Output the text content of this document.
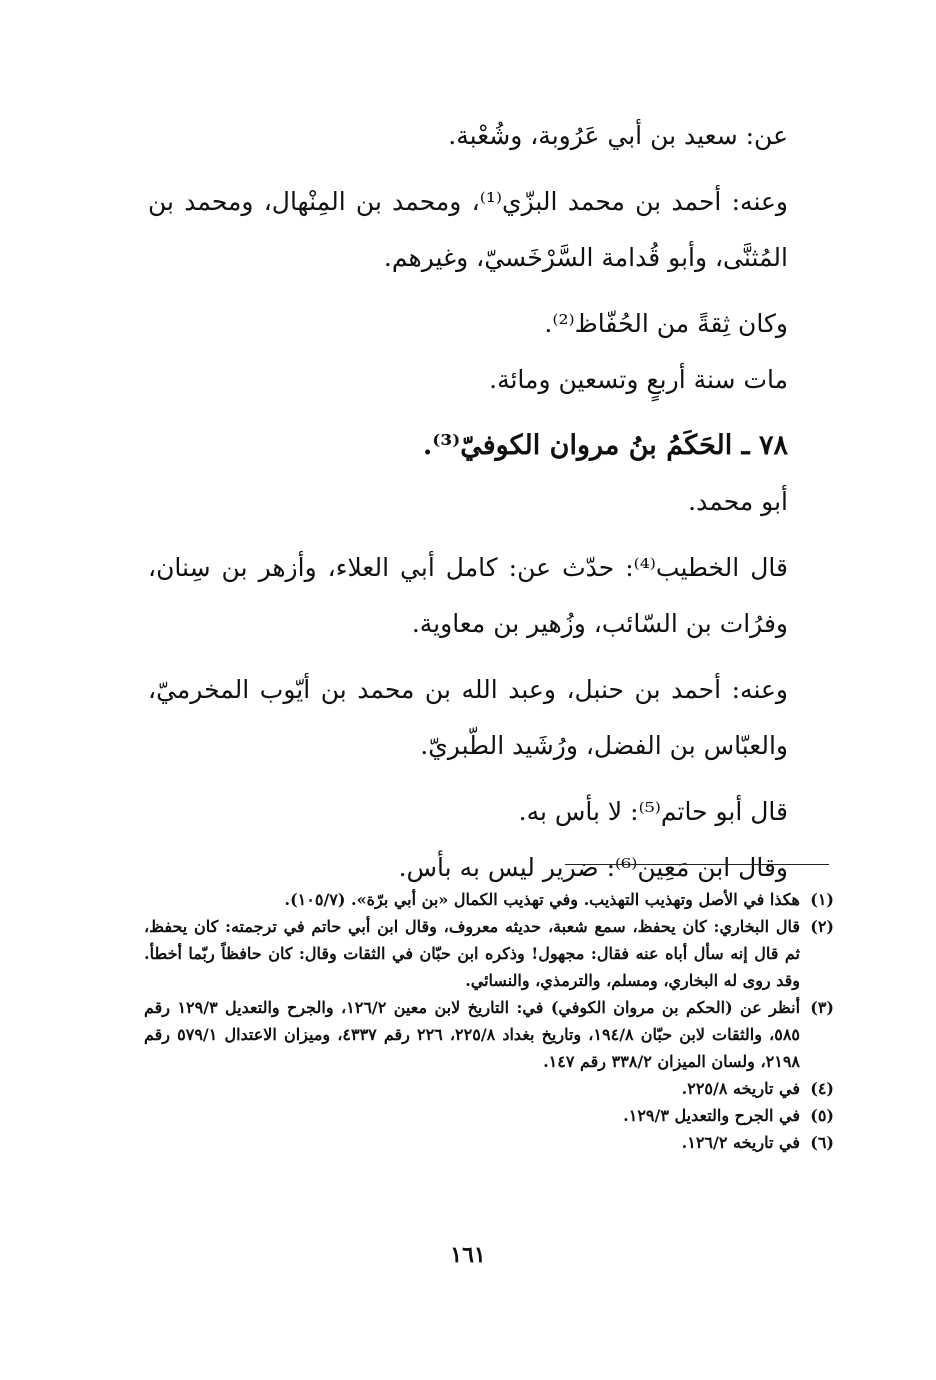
عن: سعيد بن أبي عَرُوبة، وشُعْبة.

وعنه: أحمد بن محمد البزّي⁽¹⁾، ومحمد بن المِنْهال، ومحمد بن المُثنَّى، وأبو قُدامة السَّرْخَسيّ، وغيرهم.

وكان ثِقةً من الحُفّاظ⁽²⁾.

مات سنة أربعٍ وتسعين ومائة.

٧٨ ـ الحَكَمُ بنُ مروان الكوفيّ⁽³⁾.

أبو محمد.

قال الخطيب⁽⁴⁾: حدّث عن: كامل أبي العلاء، وأزهر بن سِنان، وفرُات بن السّائب، وزُهير بن معاوية.

وعنه: أحمد بن حنبل، وعبد الله بن محمد بن أيّوب المخرميّ، والعبّاس بن الفضل، ورُشَيد الطّبريّ.

قال أبو حاتم⁽⁵⁾: لا بأس به.

وقال ابن مَعِين⁽⁶⁾: ضرير ليس به بأس.

(١)
هكذا في الأصل وتهذيب التهذيب. وفي تهذيب الكمال «بن أبي برّة». (١٠٥/٧).
(٢)
قال البخاري: كان يحفظ، سمع شعبة، حديثه معروف، وقال ابن أبي حاتم في ترجمته: كان يحفظ، ثم قال إنه سأل أباه عنه فقال: مجهول! وذكره ابن حبّان في الثقات وقال: كان حافظاً ربّما أخطأ. وقد روى له البخاري، ومسلم، والترمذي، والنسائي.
(٣)
أنظر عن (الحكم بن مروان الكوفي) في: التاريخ لابن معين ١٢٦/٢، والجرح والتعديل ١٢٩/٣ رقم ٥٨٥، والثقات لابن حبّان ١٩٤/٨، وتاريخ بغداد ٢٢٥/٨، ٢٢٦ رقم ٤٣٣٧، وميزان الاعتدال ٥٧٩/١ رقم ٢١٩٨، ولسان الميزان ٣٣٨/٢ رقم ١٤٧.
(٤)
في تاريخه ٢٢٥/٨.
(٥)
في الجرح والتعديل ١٢٩/٣.
(٦)
في تاريخه ١٢٦/٢.
١٦١
